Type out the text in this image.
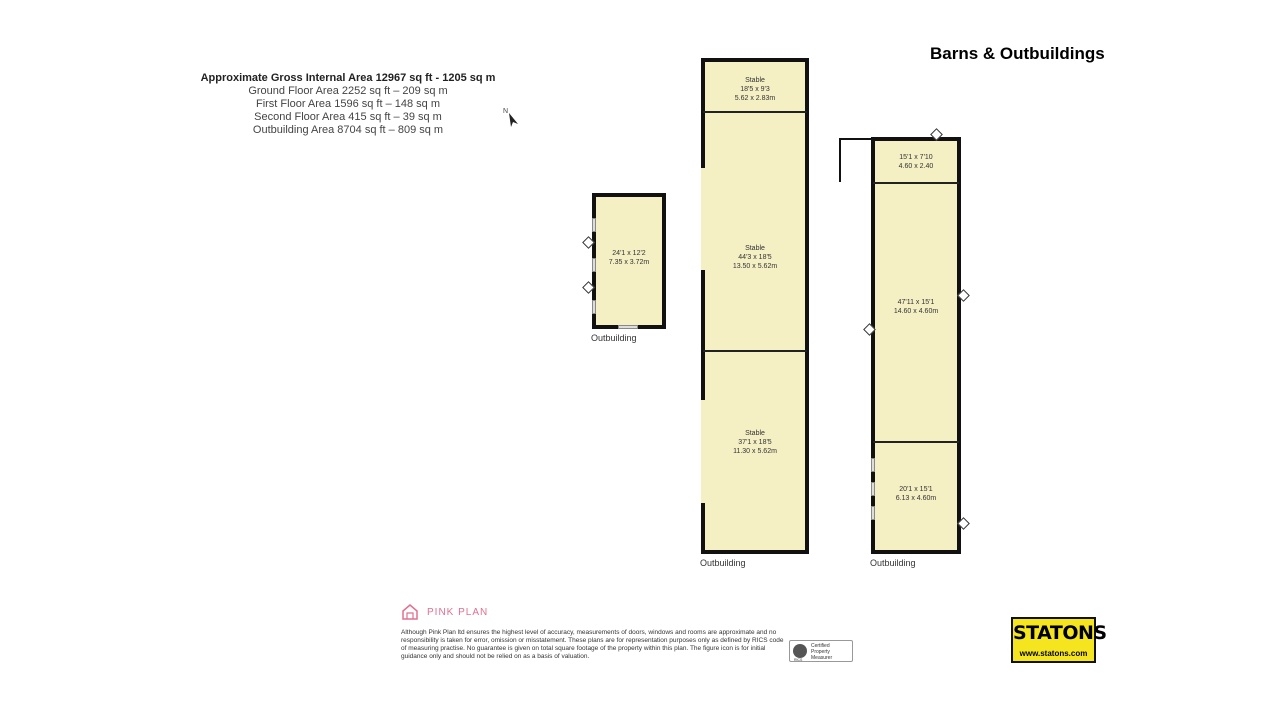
Barns & Outbuildings
Approximate Gross Internal Area 12967 sq ft - 1205 sq m
Ground Floor Area 2252 sq ft – 209 sq m
First Floor Area 1596 sq ft – 148 sq m
Second Floor Area 415 sq ft – 39 sq m
Outbuilding Area 8704 sq ft – 809 sq m
N
24'1 x 12'2
7.35 x 3.72m
Outbuilding
Stable
18'5 x 9'3
5.62 x 2.83m
Stable
44'3 x 18'5
13.50 x 5.62m
Stable
37'1 x 18'5
11.30 x 5.62m
Outbuilding
15'1 x 7'10
4.60 x 2.40
47'11 x 15'1
14.60 x 4.60m
20'1 x 15'1
6.13 x 4.60m
Outbuilding
PINK PLAN
Although Pink Plan ltd ensures the highest level of accuracy, measurements of doors, windows and rooms are approximate and no responsibility is taken for error, omission or misstatement. These plans are for representation purposes only as defined by RICS code of measuring practise. No guarantee is given on total square footage of the property within this plan. The figure icon is for initial guidance only and should not be relied on as a basis of valuation.	RICS
Certified
Property
Measurer
STATONS
www.statons.com
